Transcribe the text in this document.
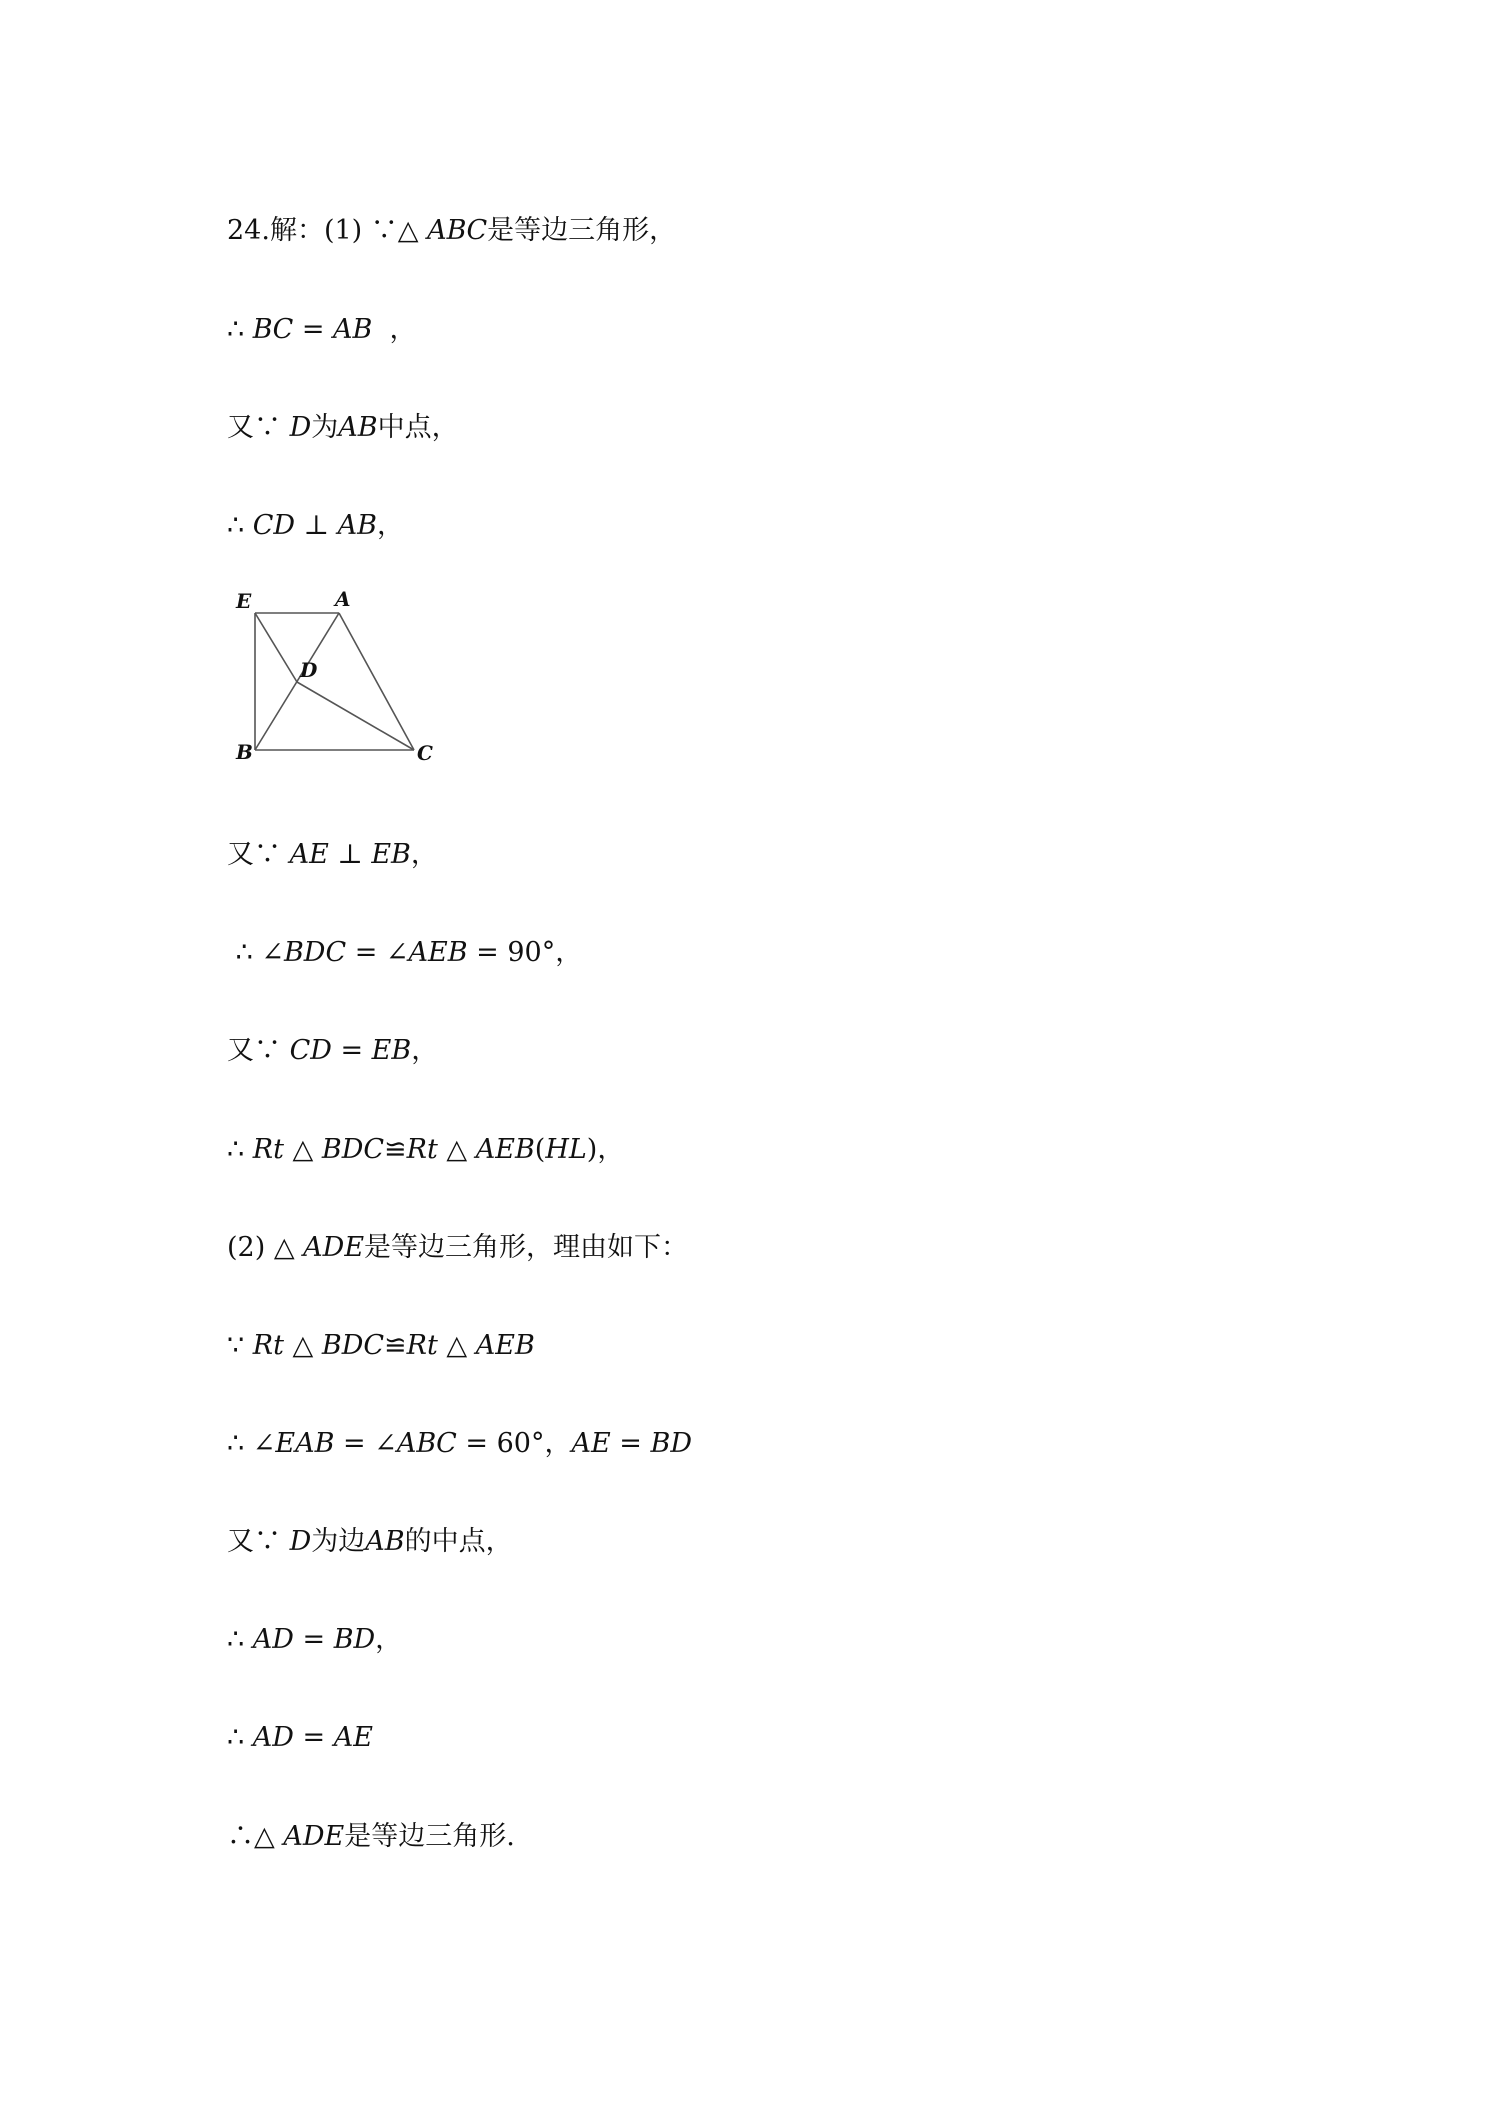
24.解：(1) ∵△ 𝐴𝐵𝐶是等边三角形，
∴ 𝐵𝐶 = 𝐴𝐵  ，
又∵ 𝐷为𝐴𝐵中点，
∴ 𝐶𝐷 ⊥ 𝐴𝐵，
E	A
D
B	C
又∵ 𝐴𝐸 ⊥ 𝐸𝐵，
∴ ∠𝐵𝐷𝐶 = ∠𝐴𝐸𝐵 = 90°，
又∵ 𝐶𝐷 = 𝐸𝐵，
∴ 𝑅𝑡 △ 𝐵𝐷𝐶≌𝑅𝑡 △ 𝐴𝐸𝐵(𝐻𝐿)，
(2) △ 𝐴𝐷𝐸是等边三角形，理由如下：
∵ 𝑅𝑡 △ 𝐵𝐷𝐶≌𝑅𝑡 △ 𝐴𝐸𝐵
∴ ∠𝐸𝐴𝐵 = ∠𝐴𝐵𝐶 = 60°，𝐴𝐸 = 𝐵𝐷
又∵ 𝐷为边𝐴𝐵的中点，
∴ 𝐴𝐷 = 𝐵𝐷，
∴ 𝐴𝐷 = 𝐴𝐸
∴△ 𝐴𝐷𝐸是等边三角形.
